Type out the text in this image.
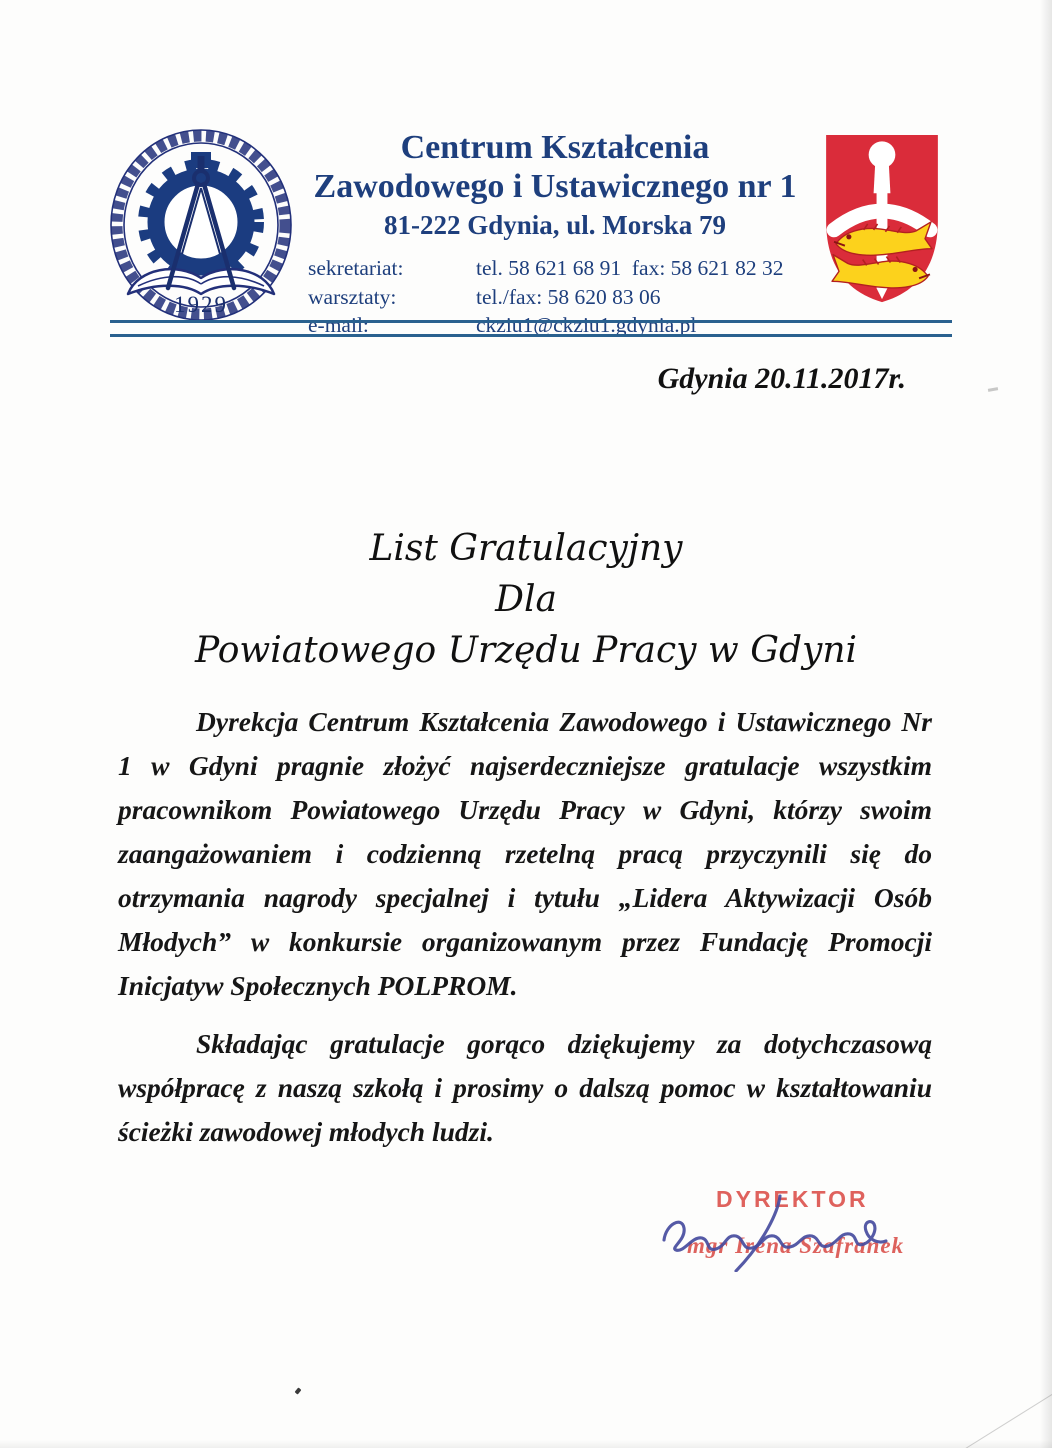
1929
Centrum Kształcenia
Zawodowego i Ustawicznego nr 1
81-222 Gdynia, ul. Morska 79
sekretariat:	tel. 58 621 68 91  fax: 58 621 82 32
warsztaty:	tel./fax: 58 620 83 06
e-mail:	ckziu1@ckziu1.gdynia.pl
Gdynia 20.11.2017r.
List Gratulacyjny
Dla
Powiatowego Urzędu Pracy w Gdyni

Dyrekcja Centrum Kształcenia Zawodowego i Ustawicznego Nr 1 w Gdyni pragnie złożyć najserdeczniejsze gratulacje wszystkim pracownikom Powiatowego Urzędu Pracy w Gdyni, którzy swoim zaangażowaniem i codzienną rzetelną pracą przyczynili się do otrzymania nagrody specjalnej i tytułu „Lidera Aktywizacji Osób Młodych” w konkursie organizowanym przez Fundację Promocji Inicjatyw Społecznych POLPROM.

Składając gratulacje gorąco dziękujemy za dotychczasową współpracę z naszą szkołą i prosimy o dalszą pomoc w kształtowaniu ścieżki zawodowej młodych ludzi.

DYREKTOR
mgr Irena Szafranek
